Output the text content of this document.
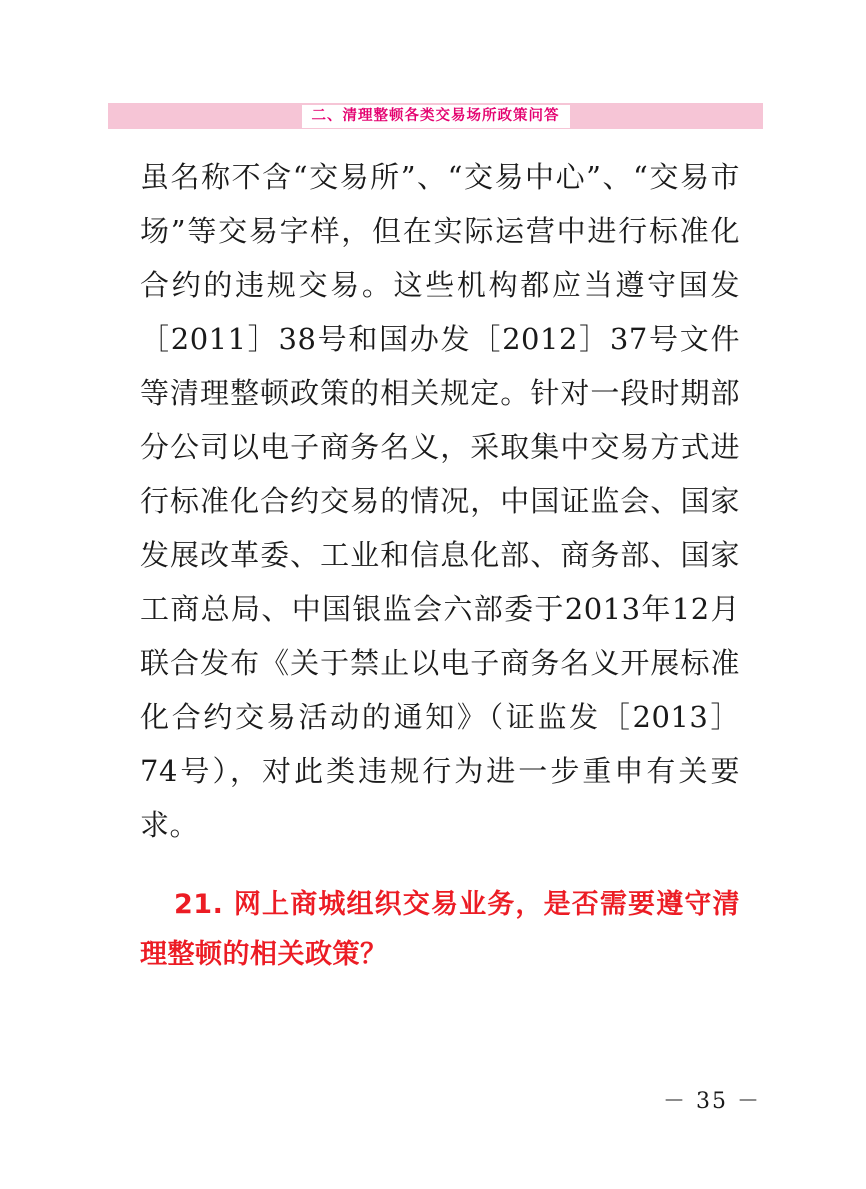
二、清理整顿各类交易场所政策问答

虽名称不含“交易所”、“交易中心”、“交易市场”等交易字样，但在实际运营中进行标准化合约的违规交易。这些机构都应当遵守国发［2011］38号和国办发［2012］37号文件等清理整顿政策的相关规定。针对一段时期部分公司以电子商务名义，采取集中交易方式进行标准化合约交易的情况，中国证监会、国家发展改革委、工业和信息化部、商务部、国家工商总局、中国银监会六部委于2013年12月联合发布《关于禁止以电子商务名义开展标准化合约交易活动的通知》（证监发［2013］74号），对此类违规行为进一步重申有关要求。

21. 网上商城组织交易业务，是否需要遵守清理整顿的相关政策？

－ 35 －
